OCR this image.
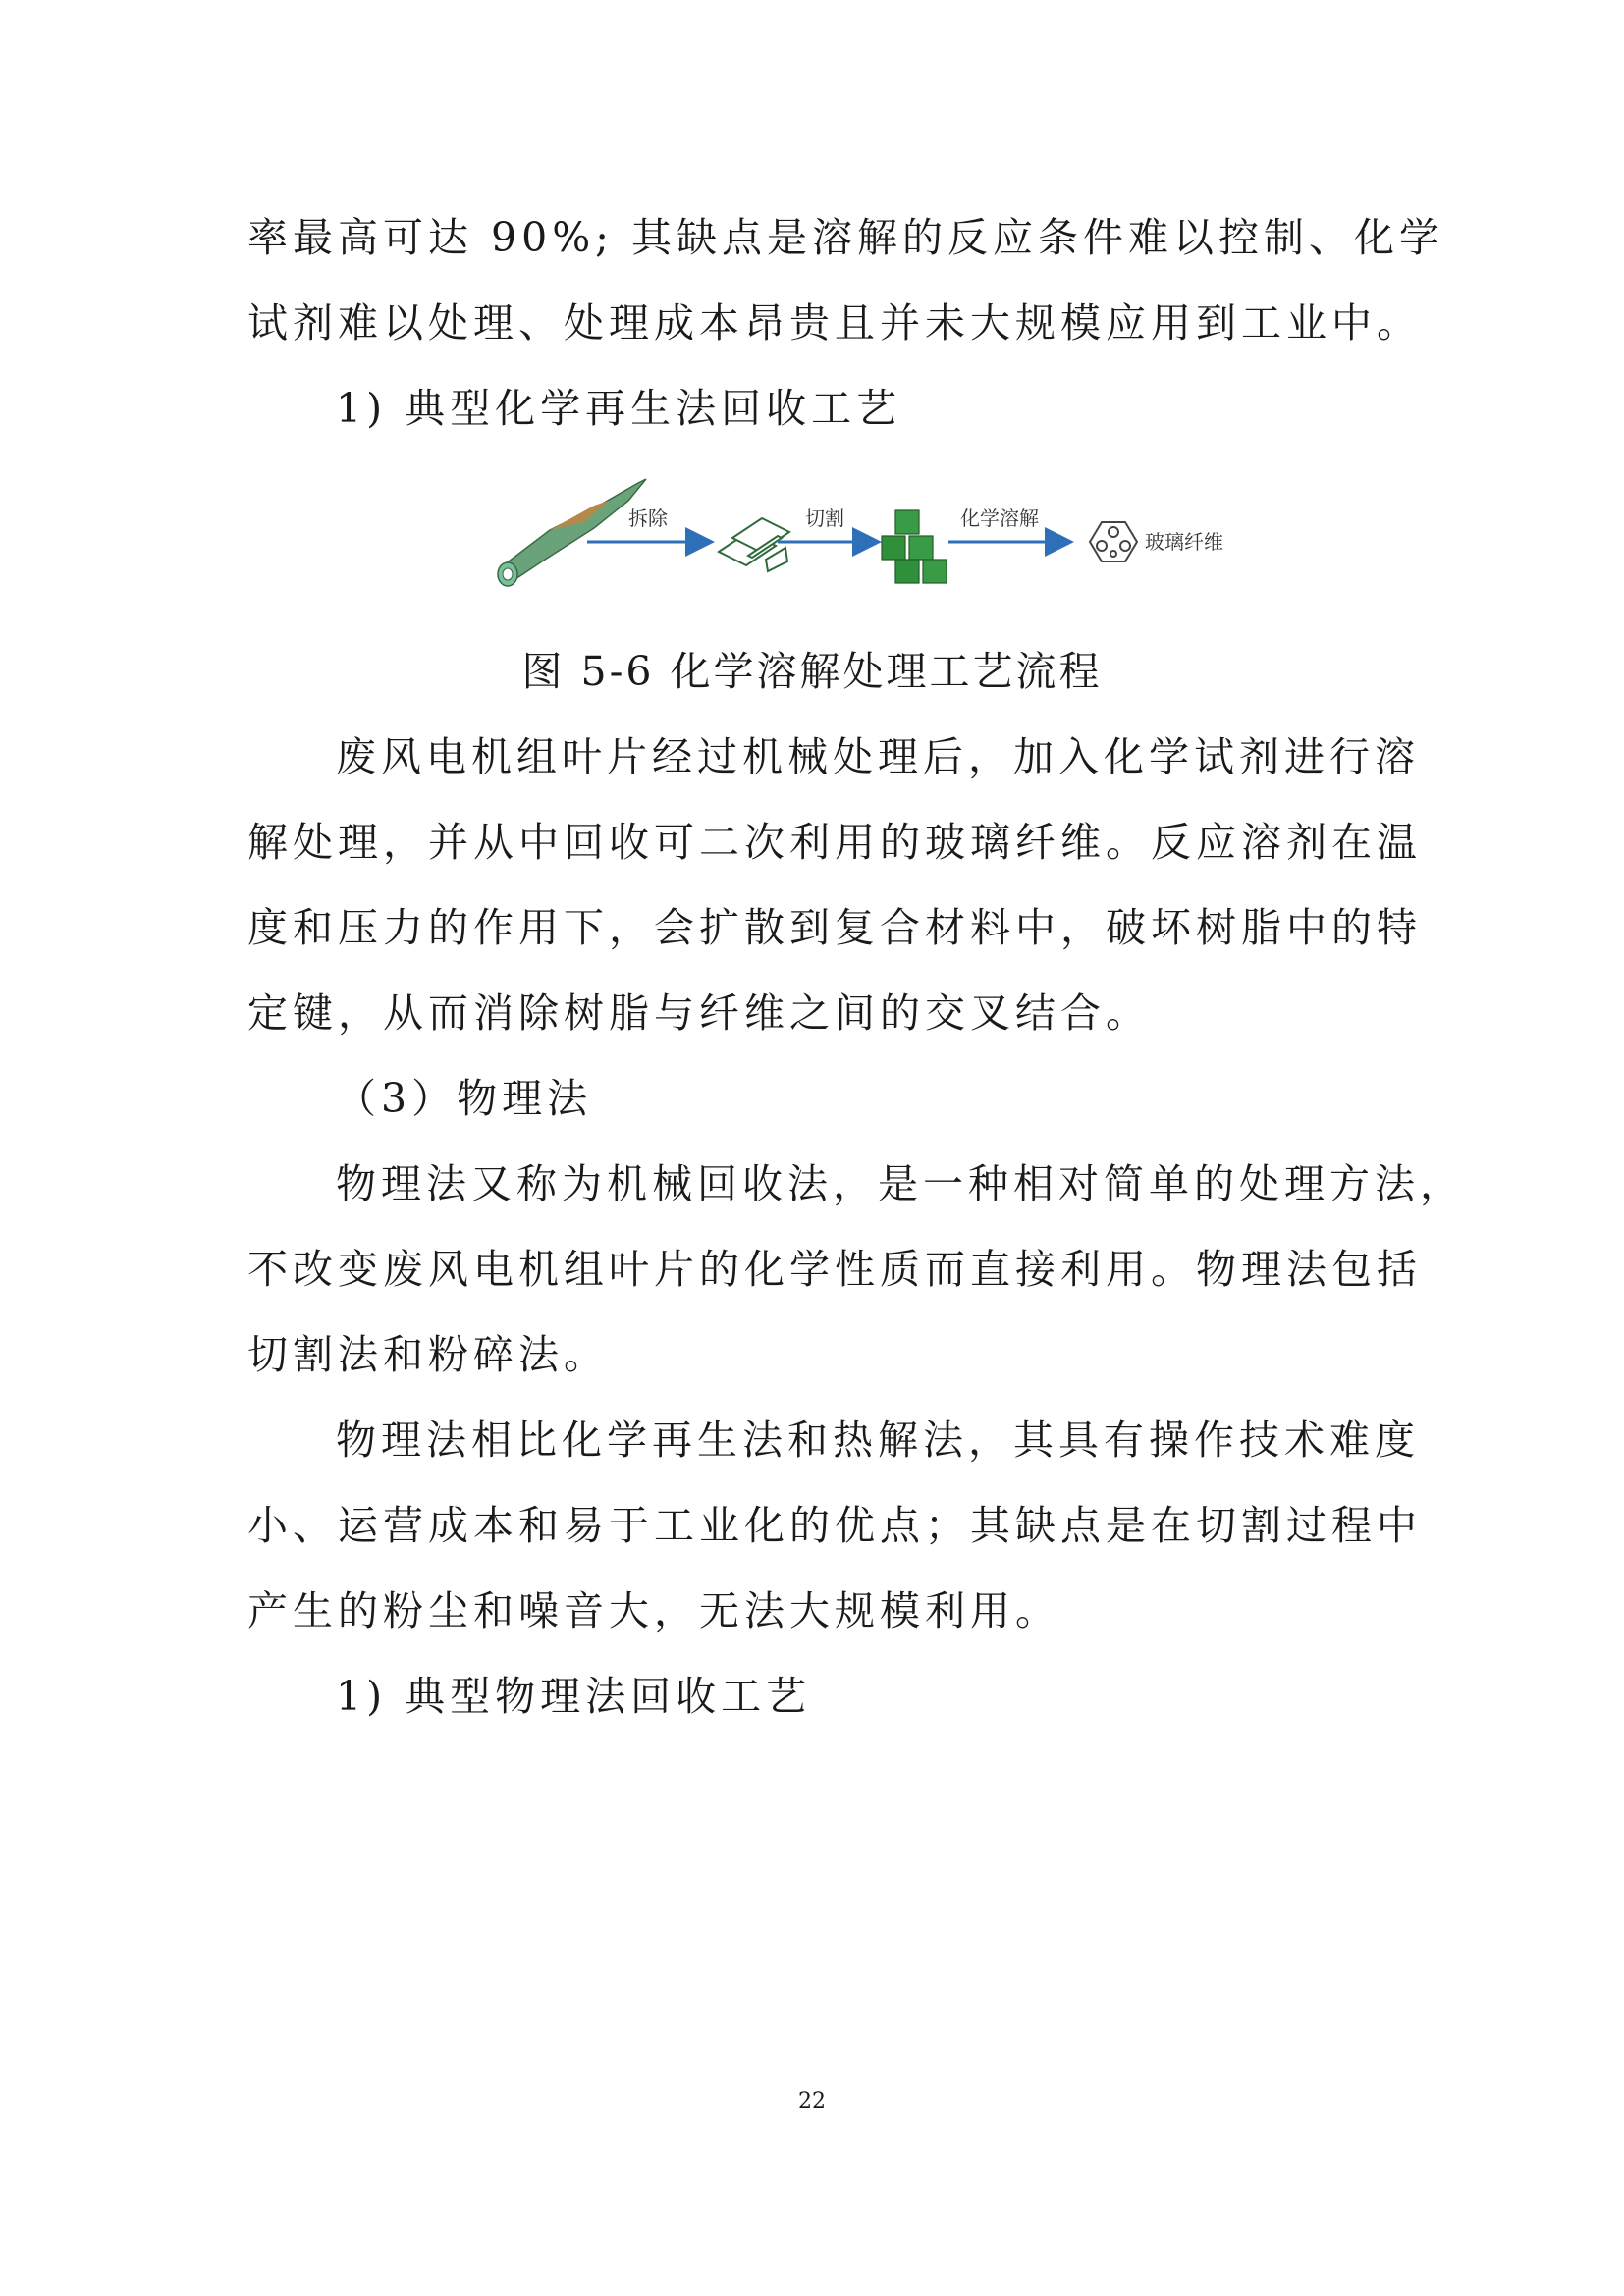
率最高可达 90%; 其缺点是溶解的反应条件难以控制、化学
试剂难以处理、处理成本昂贵且并未大规模应用到工业中。
1) 典型化学再生法回收工艺
拆除	切割	化学溶解
玻璃纤维
图 5-6 化学溶解处理工艺流程
废风电机组叶片经过机械处理后，加入化学试剂进行溶
解处理，并从中回收可二次利用的玻璃纤维。反应溶剂在温
度和压力的作用下，会扩散到复合材料中，破坏树脂中的特
定键，从而消除树脂与纤维之间的交叉结合。
（3）物理法
物理法又称为机械回收法，是一种相对简单的处理方法，
不改变废风电机组叶片的化学性质而直接利用。物理法包括
切割法和粉碎法。
物理法相比化学再生法和热解法，其具有操作技术难度
小、运营成本和易于工业化的优点；其缺点是在切割过程中
产生的粉尘和噪音大，无法大规模利用。
1) 典型物理法回收工艺
22
